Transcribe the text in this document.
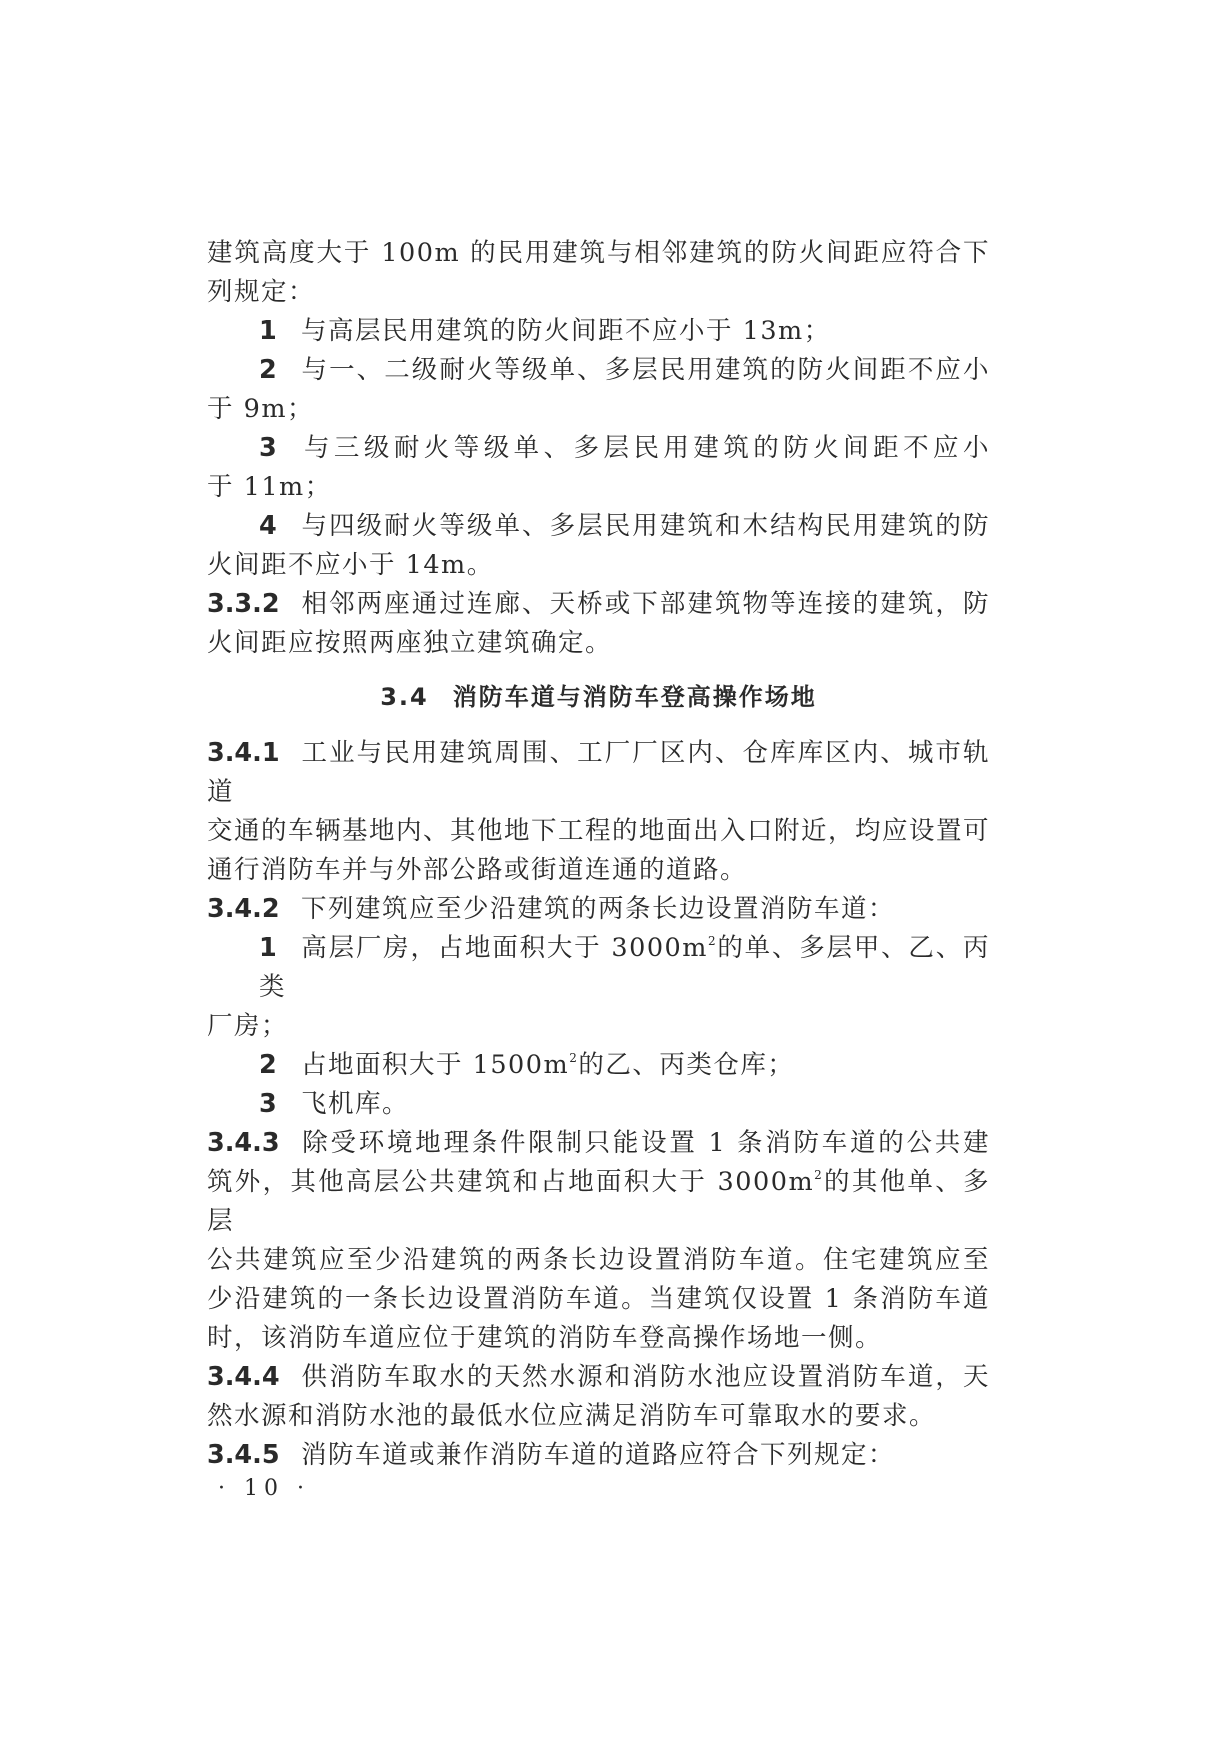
建筑高度大于 100m 的民用建筑与相邻建筑的防火间距应符合下

列规定：

1 与高层民用建筑的防火间距不应小于 13m；

2 与一、二级耐火等级单、多层民用建筑的防火间距不应小

于 9m；

3 与三级耐火等级单、多层民用建筑的防火间距不应小

于 11m；

4 与四级耐火等级单、多层民用建筑和木结构民用建筑的防

火间距不应小于 14m。

3.3.2 相邻两座通过连廊、天桥或下部建筑物等连接的建筑，防

火间距应按照两座独立建筑确定。

3.4 消防车道与消防车登高操作场地

3.4.1 工业与民用建筑周围、工厂厂区内、仓库库区内、城市轨道

交通的车辆基地内、其他地下工程的地面出入口附近，均应设置可

通行消防车并与外部公路或街道连通的道路。

3.4.2 下列建筑应至少沿建筑的两条长边设置消防车道：

1 高层厂房，占地面积大于 $3000m^2$的单、多层甲、乙、丙类

厂房；

2 占地面积大于 $1500m^2$的乙、丙类仓库；

3 飞机库。

3.4.3 除受环境地理条件限制只能设置 1 条消防车道的公共建

筑外，其他高层公共建筑和占地面积大于 $3000m^2$的其他单、多层

公共建筑应至少沿建筑的两条长边设置消防车道。住宅建筑应至

少沿建筑的一条长边设置消防车道。当建筑仅设置 1 条消防车道

时，该消防车道应位于建筑的消防车登高操作场地一侧。

3.4.4 供消防车取水的天然水源和消防水池应设置消防车道，天

然水源和消防水池的最低水位应满足消防车可靠取水的要求。

3.4.5 消防车道或兼作消防车道的道路应符合下列规定：

· 10 ·
